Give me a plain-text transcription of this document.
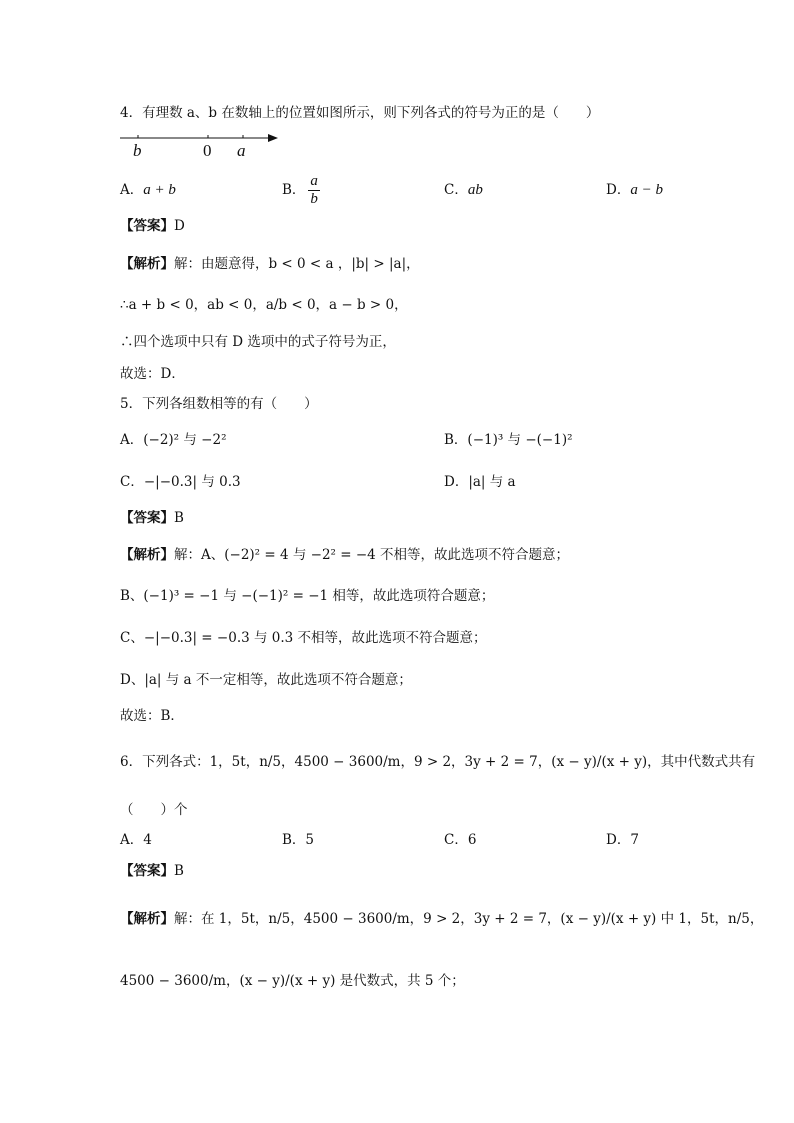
4．有理数 a、b 在数轴上的位置如图所示，则下列各式的符号为正的是（　　）
b	0 a
A．a + b	B． $\frac{a}{b}$	C．ab	D．a − b
【答案】D
【解析】解：由题意得，b < 0 < a ，|b| > |a|，
∴a + b < 0，ab < 0，a/b < 0，a − b > 0，
∴四个选项中只有 D 选项中的式子符号为正，
故选：D．
5．下列各组数相等的有（　　）
A．(−2)² 与 −2²	B．(−1)³ 与 −(−1)²
C．−|−0.3| 与 0.3	D．|a| 与 a
【答案】B
【解析】解：A、(−2)² = 4 与 −2² = −4 不相等，故此选项不符合题意；
B、(−1)³ = −1 与 −(−1)² = −1 相等，故此选项符合题意；
C、−|−0.3| = −0.3 与 0.3 不相等，故此选项不符合题意；
D、|a| 与 a 不一定相等，故此选项不符合题意；
故选：B．
6．下列各式：1，5t，n/5，4500 − 3600/m，9 > 2，3y + 2 = 7，(x − y)/(x + y)，其中代数式共有
（　　）个
A．4	B．5	C．6	D．7
【答案】B
【解析】解：在 1，5t，n/5，4500 − 3600/m，9 > 2，3y + 2 = 7，(x − y)/(x + y) 中 1，5t，n/5，
4500 − 3600/m，(x − y)/(x + y) 是代数式，共 5 个；
